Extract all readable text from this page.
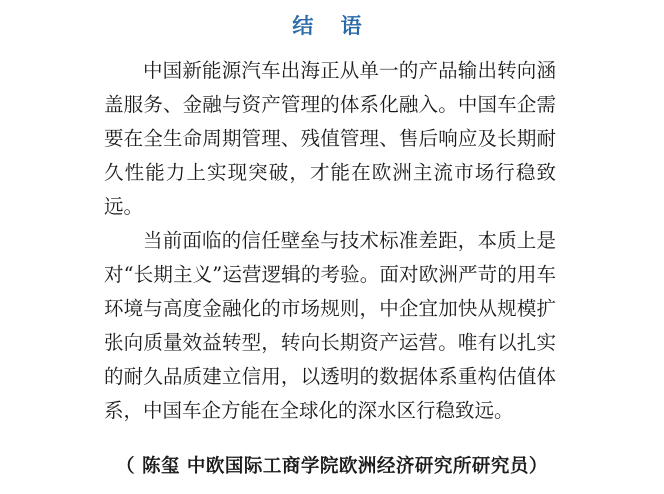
结 语

中国新能源汽车出海正从单一的产品输出转向涵盖服务、金融与资产管理的体系化融入。中国车企需要在全生命周期管理、残值管理、售后响应及长期耐久性能力上实现突破，才能在欧洲主流市场行稳致远。

当前面临的信任壁垒与技术标准差距，本质上是对“长期主义”运营逻辑的考验。面对欧洲严苛的用车环境与高度金融化的市场规则，中企宜加快从规模扩张向质量效益转型，转向长期资产运营。唯有以扎实的耐久品质建立信用，以透明的数据体系重构估值体系，中国车企方能在全球化的深水区行稳致远。

（ 陈玺 中欧国际工商学院欧洲经济研究所研究员）
